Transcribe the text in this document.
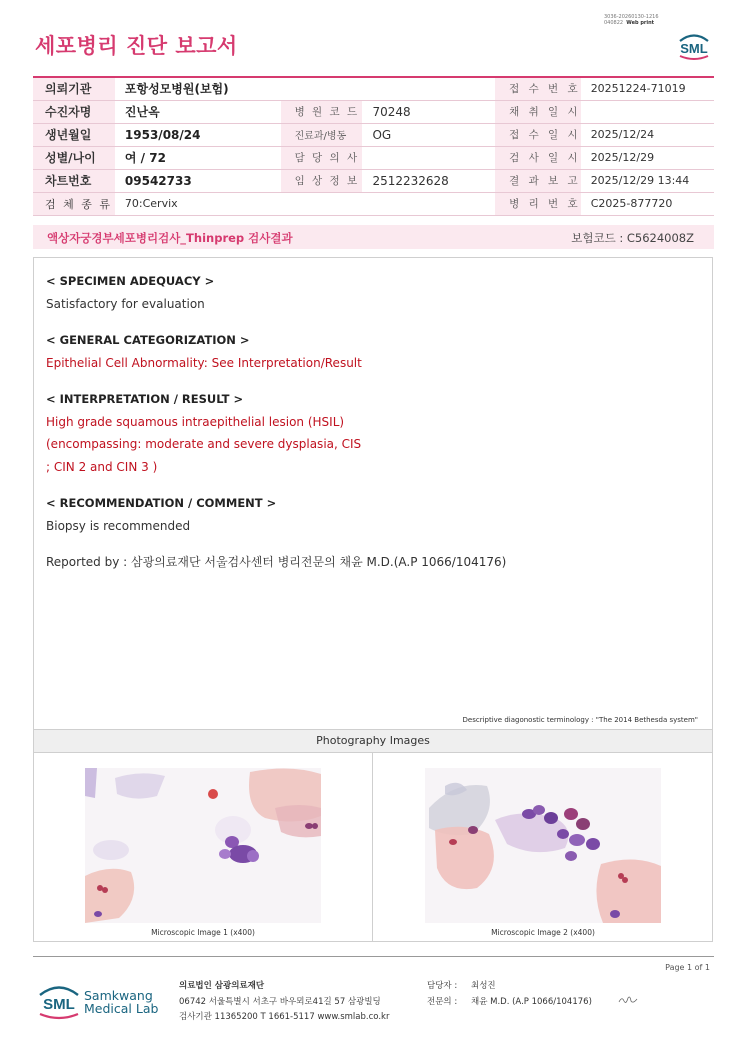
3036-20260130-1216
040822 Web print
세포병리 진단 보고서	SML
의뢰기관	포항성모병원(보험)			접 수 번 호	20251224-71019
수진자명	진난옥	병 원 코 드	70248	채 취 일 시	
생년월일	1953/08/24	진료과/병동	OG	접 수 일 시	2025/12/24
성별/나이	여 / 72	담 당 의 사		검 사 일 시	2025/12/29
차트번호	09542733	임 상 정 보	2512232628	결 과 보 고	2025/12/29 13:44
검 체 종 류	70:Cervix			병 리 번 호	C2025-877720
액상자궁경부세포병리검사_Thinprep 검사결과	보험코드 : C5624008Z
< SPECIMEN ADEQUACY >
Satisfactory for evaluation
< GENERAL CATEGORIZATION >
Epithelial Cell Abnormality: See Interpretation/Result
< INTERPRETATION / RESULT >
High grade squamous intraepithelial lesion (HSIL)
(encompassing: moderate and severe dysplasia, CIS
; CIN 2 and CIN 3 )
< RECOMMENDATION / COMMENT >
Biopsy is recommended
Reported by : 삼광의료재단 서울검사센터 병리전문의 채윤 M.D.(A.P 1066/104176)
Descriptive diagonostic terminology : "The 2014 Bethesda system"
Photography Images
Microscopic Image 1 (x400)	Microscopic Image 2 (x400)
Page 1 of 1
SML
Samkwang
Medical Lab
의료법인 삼광의료재단
06742 서울특별시 서초구 바우뫼로41길 57 삼광빌딩
검사기관 11365200 T 1661-5117 www.smlab.co.kr
담당자 : 최성진
전문의 : 채윤 M.D. (A.P 1066/104176)
